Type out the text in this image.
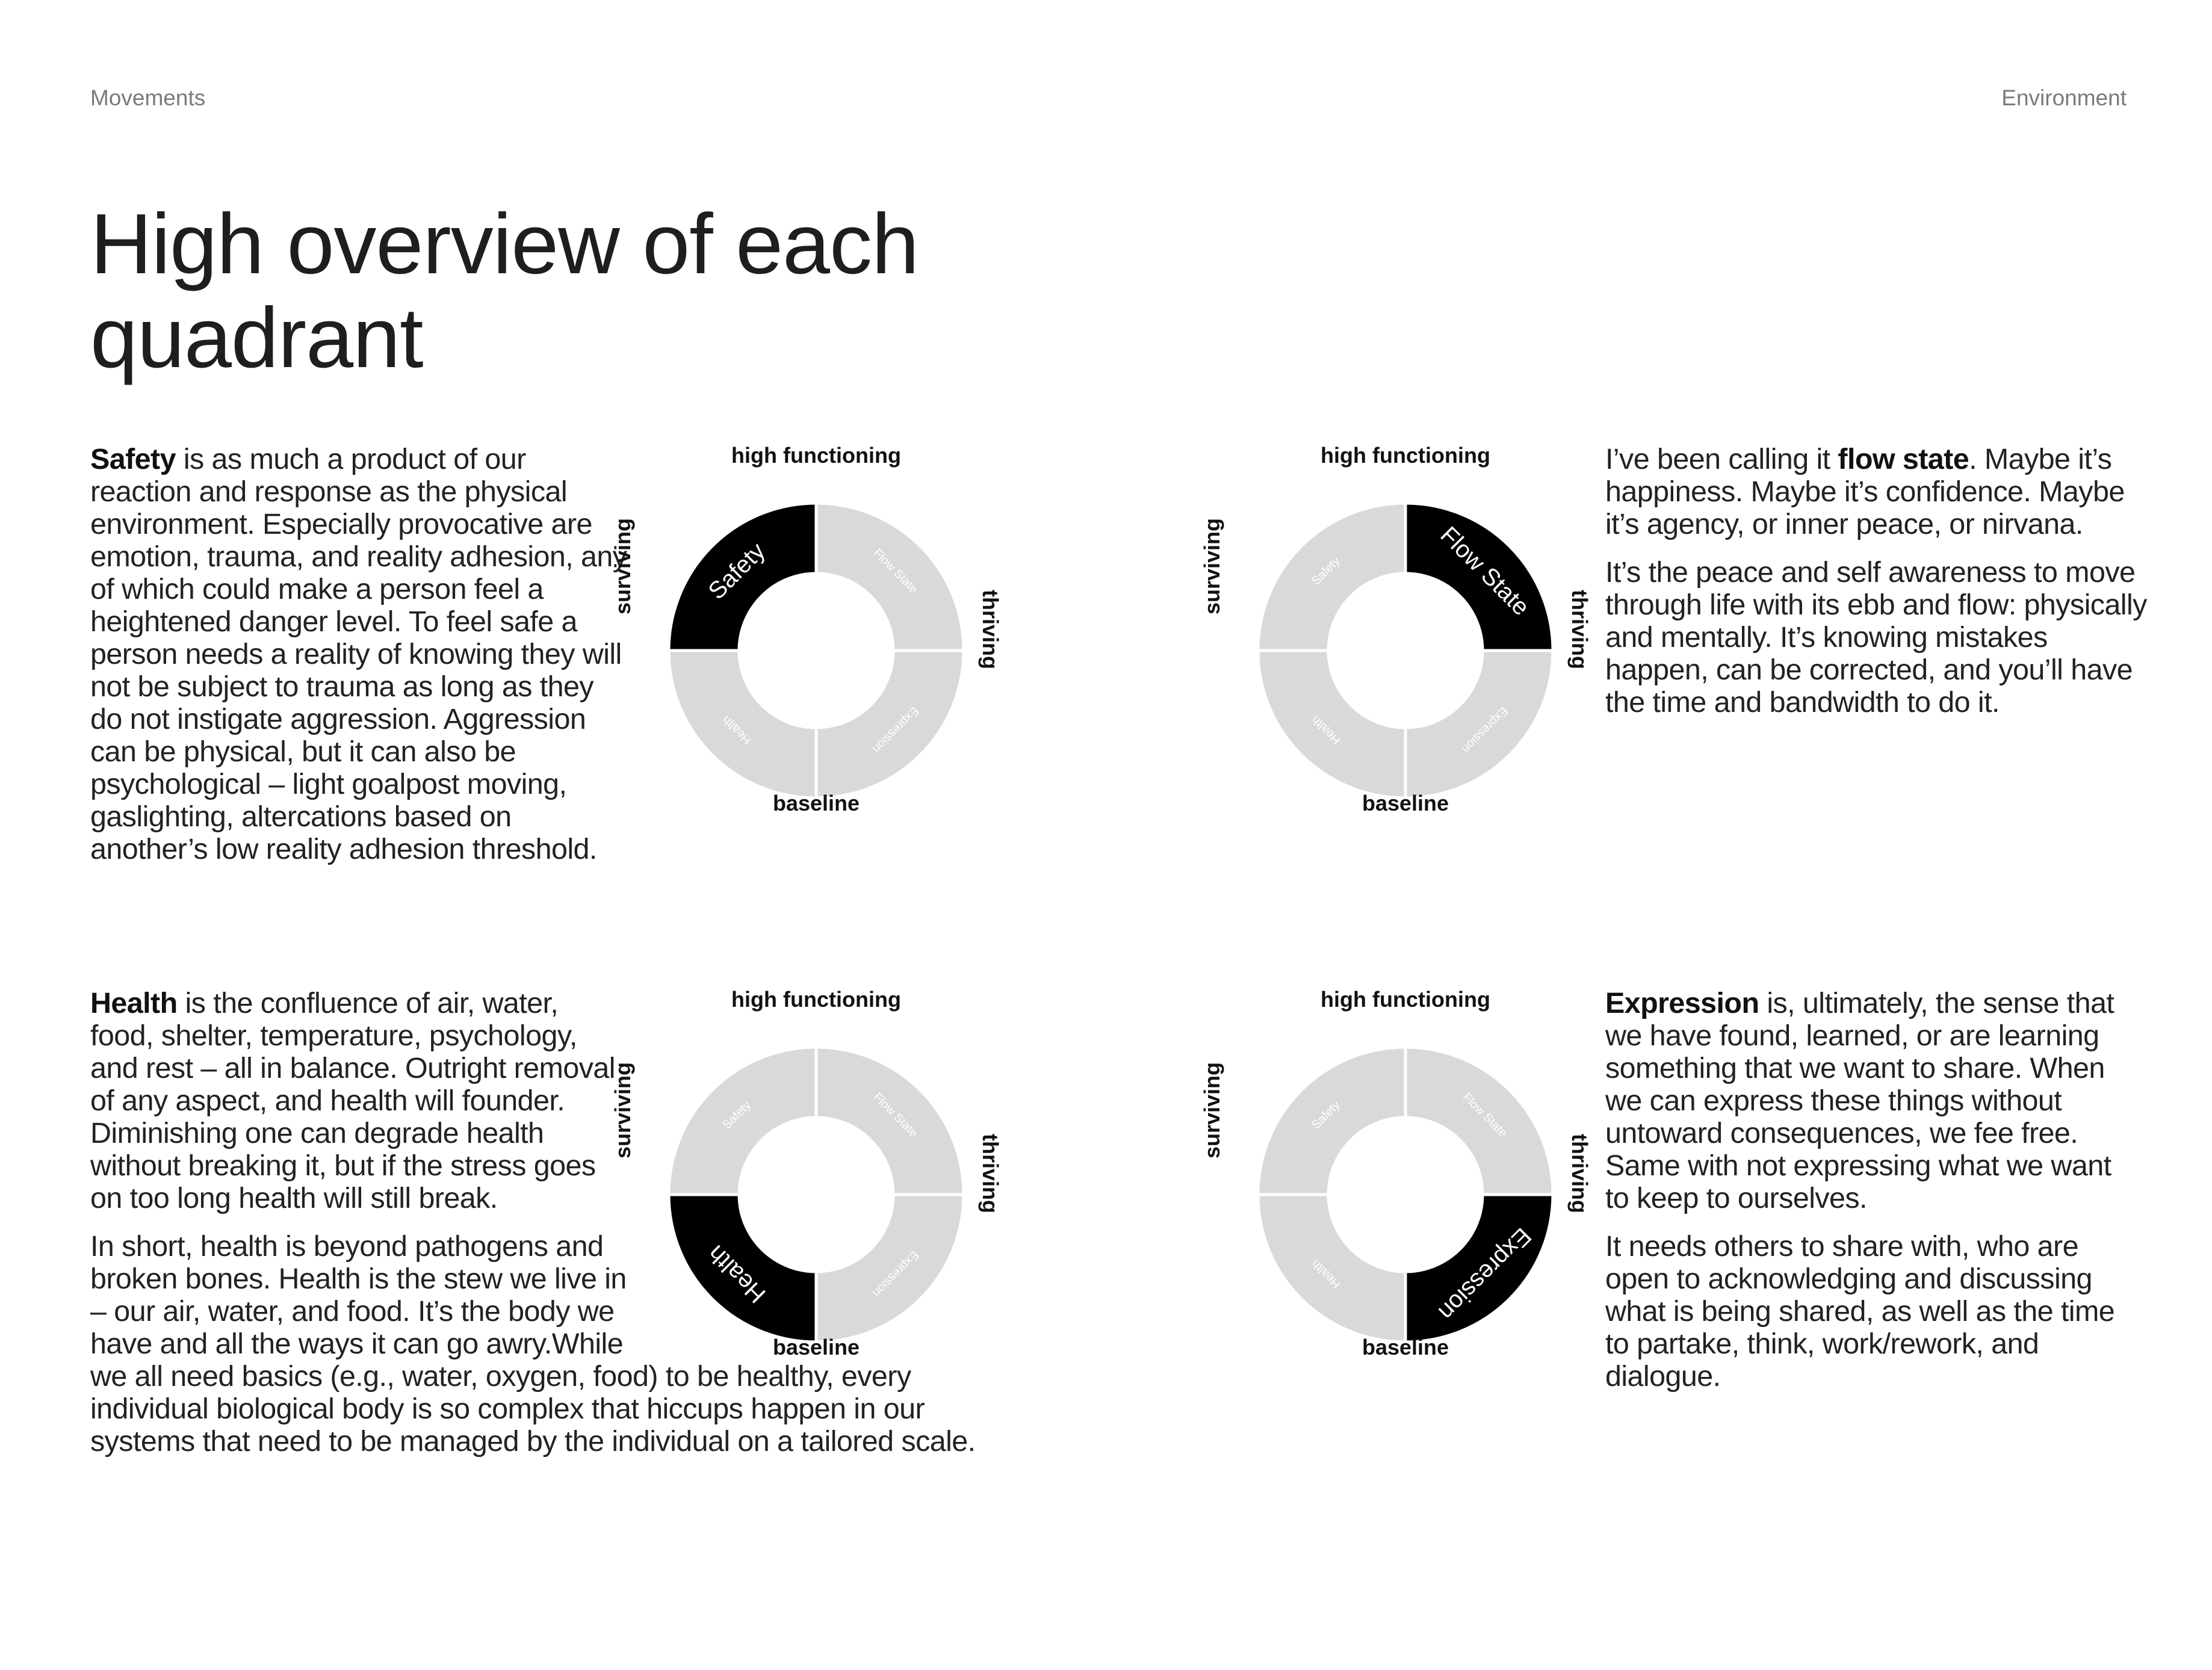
Movements	Environment
High overview of each quadrant

Safety is as much a product of our reaction and response as the physical environment. Especially provocative are emotion, trauma, and reality adhesion, any of which could make a person feel a heightened danger level. To feel safe a person needs a reality of knowing they will not be subject to trauma as long as they do not instigate aggression. Aggression can be physical, but it can also be psychological – light goalpost moving, gaslighting, altercations based on another’s low reality adhesion threshold.

I’ve been calling it flow state. Maybe it’s happiness. Maybe it’s confidence. Maybe it’s agency, or inner peace, or nirvana.

It’s the peace and self awareness to move through life with its ebb and flow: physically and mentally. It’s knowing mistakes happen, can be corrected, and you’ll have the time and bandwidth to do it.

Health is the confluence of air, water, food, shelter, temperature, psychology, and rest – all in balance. Outright removal of any aspect, and health will founder. Diminishing one can degrade health without breaking it, but if the stress goes on too long health will still break.

In short, health is beyond pathogens and broken bones. Health is the stew we live in – our air, water, and food. It’s the body we have and all the ways it can go awry.While we all need basics (e.g., water, oxygen, food) to be healthy, every individual biological body is so complex that hiccups happen in our systems that need to be managed by the individual on a tailored scale.

Expression is, ultimately, the sense that we have found, learned, or are learning something that we want to share. When we can express these things without untoward consequences, we fee free. Same with not expressing what we want to keep to ourselves.

It needs others to share with, who are open to acknowledging and discussing what is being shared, as well as the time to partake, think, work/rework, and dialogue.

Safety	Flow State
Expression
Health
high functioning
baseline
surviving
thriving
Safety	Flow State
Expression
Health
high functioning
baseline
surviving
thriving
Safety	Flow State
Expression
Health
high functioning
baseline
surviving
thriving
Safety	Flow State
Expression
Health
high functioning
baseline
surviving
thriving
